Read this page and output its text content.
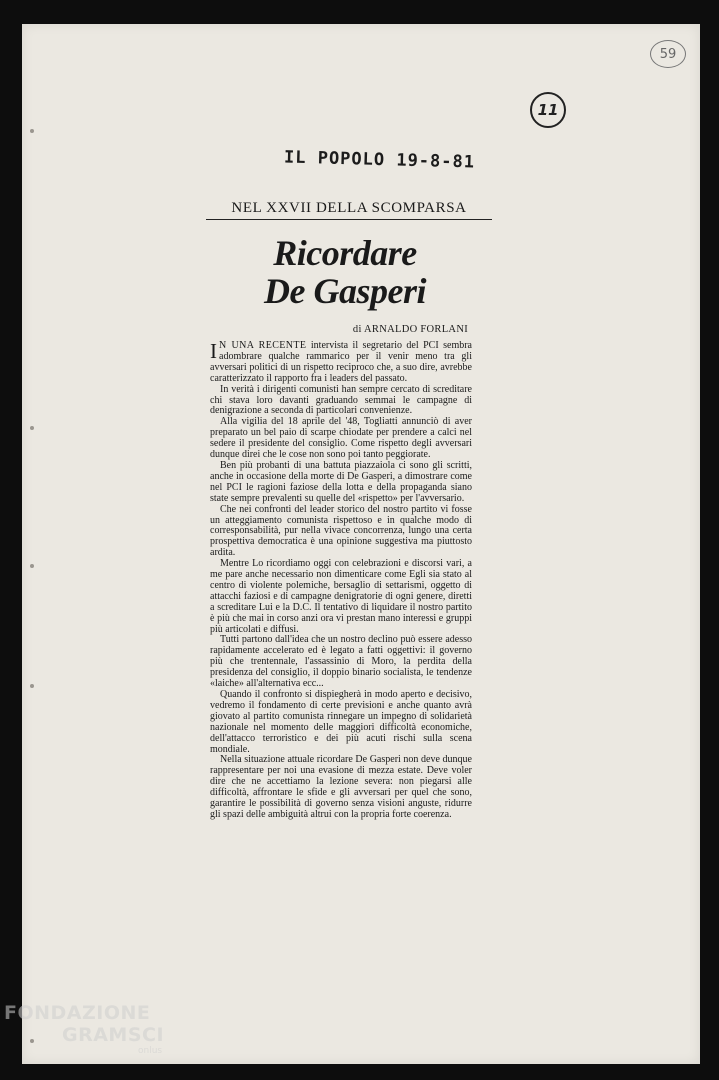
59
11
IL POPOLO 19-8-81
NEL XXVII DELLA SCOMPARSA
Ricordare
De Gasperi
di ARNALDO FORLANI

I N UNA RECENTE intervista il segretario del PCI sembra adombrare qualche rammarico per il venir meno tra gli avversari politici di un rispetto reciproco che, a suo dire, avrebbe caratterizzato il rapporto fra i leaders del passato.

In verità i dirigenti comunisti han sempre cercato di screditare chi stava loro davanti graduando semmai le campagne di denigrazione a seconda di particolari convenienze.

Alla vigilia del 18 aprile del '48, Togliatti annunciò di aver preparato un bel paio di scarpe chiodate per prendere a calci nel sedere il presidente del consiglio. Come rispetto degli avversari dunque direi che le cose non sono poi tanto peggiorate.

Ben più probanti di una battuta piazzaiola ci sono gli scritti, anche in occasione della morte di De Gasperi, a dimostrare come nel PCI le ragioni faziose della lotta e della propaganda siano state sempre prevalenti su quelle del «rispetto» per l'avversario.

Che nei confronti del leader storico del nostro partito vi fosse un atteggiamento comunista rispettoso e in qualche modo di corresponsabilità, pur nella vivace concorrenza, lungo una certa prospettiva democratica è una opinione suggestiva ma piuttosto ardita.

Mentre Lo ricordiamo oggi con celebrazioni e discorsi vari, a me pare anche necessario non dimenticare come Egli sia stato al centro di violente polemiche, bersaglio di settarismi, oggetto di attacchi faziosi e di campagne denigratorie di ogni genere, diretti a screditare Lui e la D.C. Il tentativo di liquidare il nostro partito è più che mai in corso anzi ora vi prestan mano interessi e gruppi più articolati e diffusi.

Tutti partono dall'idea che un nostro declino può essere adesso rapidamente accelerato ed è legato a fatti oggettivi: il governo più che trentennale, l'assassinio di Moro, la perdita della presidenza del consiglio, il doppio binario socialista, le tendenze «laiche» all'alternativa ecc...

Quando il confronto si dispiegherà in modo aperto e decisivo, vedremo il fondamento di certe previsioni e anche quanto avrà giovato al partito comunista rinnegare un impegno di solidarietà nazionale nel momento delle maggiori difficoltà economiche, dell'attacco terroristico e dei più acuti rischi sulla scena mondiale.

Nella situazione attuale ricordare De Gasperi non deve dunque rappresentare per noi una evasione di mezza estate. Deve voler dire che ne accettiamo la lezione severa: non piegarsi alle difficoltà, affrontare le sfide e gli avversari per quel che sono, garantire le possibilità di governo senza visioni anguste, ridurre gli spazi delle ambiguità altrui con la propria forte coerenza.

FONDAZIONE
GRAMSCI
onlus
